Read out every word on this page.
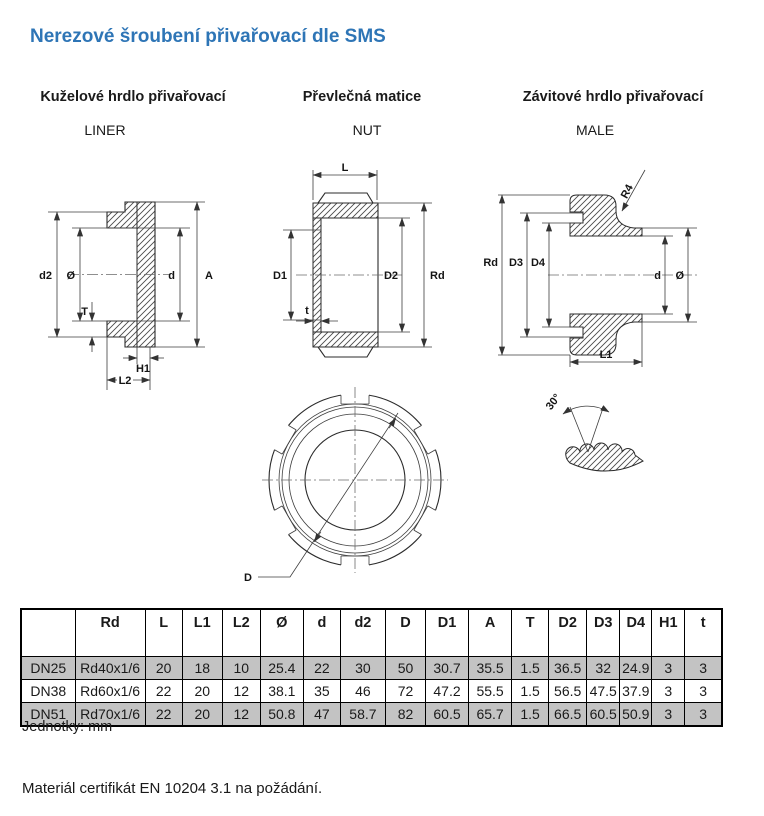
Nerezové šroubení přivařovací dle SMS
Kuželové hrdlo přivařovací	Převlečná matice	Závitové hrdlo přivařovací
LINER	NUT	MALE
d2 Ø	d	A
T
H1
L2
L
D1
t
D2	Rd
D
d Ø
Rd D3 D4
R4
L1
30°
	Rd	L	L1	L2	Ø	d	d2	D	D1	A	T	D2	D3	D4	H1	t
DN25	Rd40x1/6	20	18	10	25.4	22	30	50	30.7	35.5	1.5	36.5	32	24.9	3	3
DN38	Rd60x1/6	22	20	12	38.1	35	46	72	47.2	55.5	1.5	56.5	47.5	37.9	3	3
DN51	Rd70x1/6	22	20	12	50.8	47	58.7	82	60.5	65.7	1.5	66.5	60.5	50.9	3	3
Jednotky: mm
Materiál certifikát EN 10204 3.1 na požádání.
